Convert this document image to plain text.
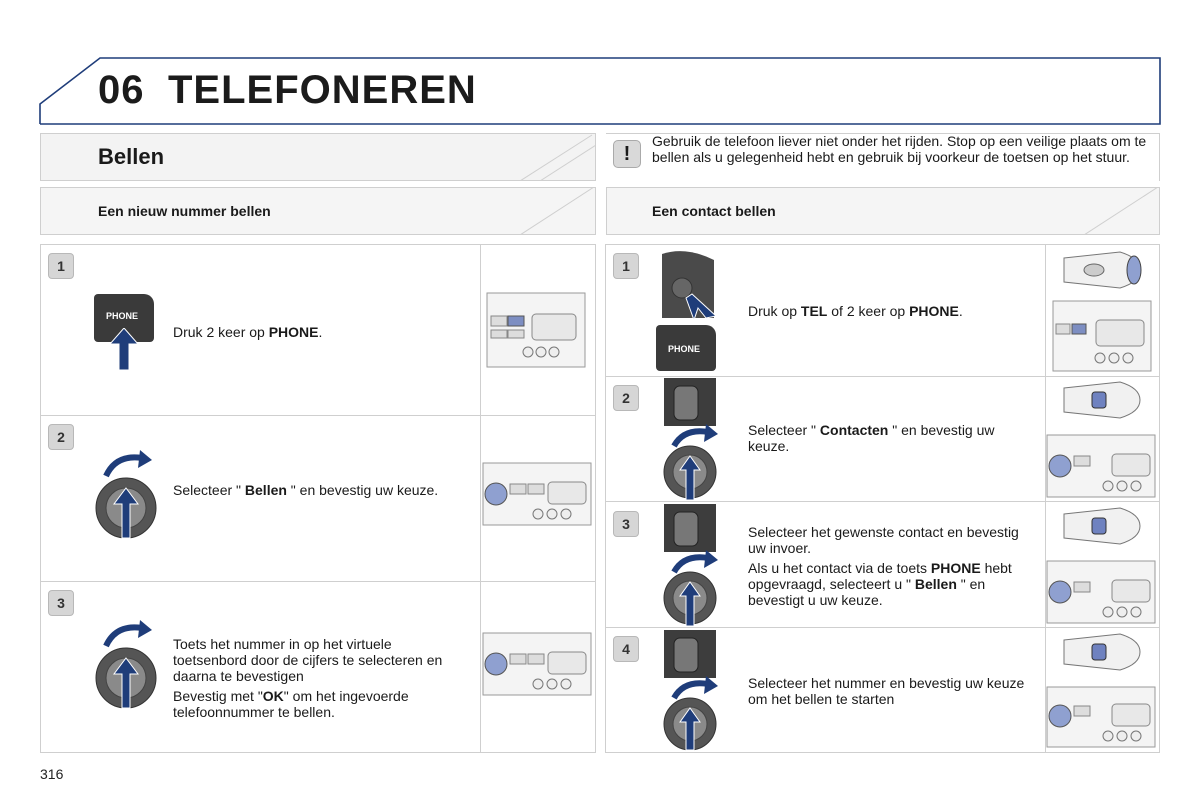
06 TELEFONEREN
Bellen	!
Gebruik de telefoon liever niet onder het rijden. Stop op een veilige plaats om te bellen als u gelegenheid hebt en gebruik bij voorkeur de toetsen op het stuur.
Een nieuw nummer bellen	Een contact bellen
1
PHONE
Druk 2 keer op PHONE.
2
Selecteer " Bellen " en bevestig uw keuze.
3
Toets het nummer in op het virtuele toetsenbord door de cijfers te selecteren en daarna te bevestigen
Bevestig met "OK" om het ingevoerde telefoonnummer te bellen.
1
PHONE
Druk op TEL of 2 keer op PHONE.
2
Selecteer " Contacten " en bevestig uw keuze.
3	Selecteer het gewenste contact en bevestig uw invoer.
Als u het contact via de toets PHONE hebt opgevraagd, selecteert u " Bellen " en bevestigt u uw keuze.
4
Selecteer het nummer en bevestig uw keuze om het bellen te starten
316
